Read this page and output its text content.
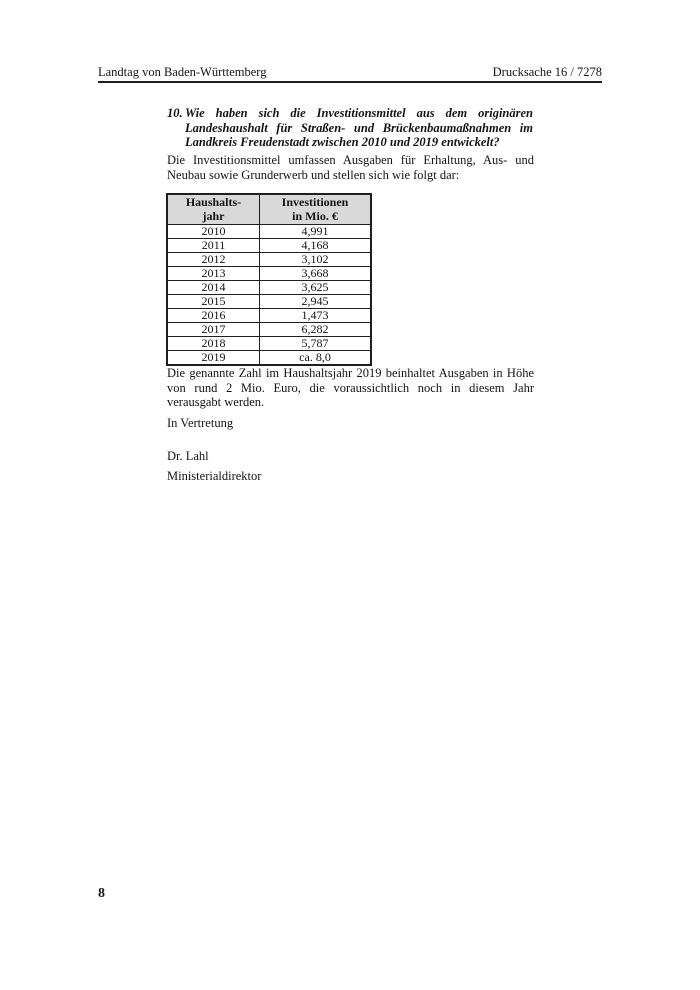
Landtag von Baden-Württemberg	Drucksache 16 / 7278
10. Wie haben sich die Investitionsmittel aus dem originären Landeshaushalt für Straßen- und Brückenbaumaßnahmen im Landkreis Freudenstadt zwischen 2010 und 2019 entwickelt?

Die Investitionsmittel umfassen Ausgaben für Erhaltung, Aus- und Neubau sowie Grunderwerb und stellen sich wie folgt dar:

Haushalts-
jahr	Investitionen
in Mio. €
2010	4,991
2011	4,168
2012	3,102
2013	3,668
2014	3,625
2015	2,945
2016	1,473
2017	6,282
2018	5,787
2019	ca. 8,0

Die genannte Zahl im Haushaltsjahr 2019 beinhaltet Ausgaben in Höhe von rund 2 Mio. Euro, die voraussichtlich noch in diesem Jahr verausgabt werden.

In Vertretung

Dr. Lahl

Ministerialdirektor

8
